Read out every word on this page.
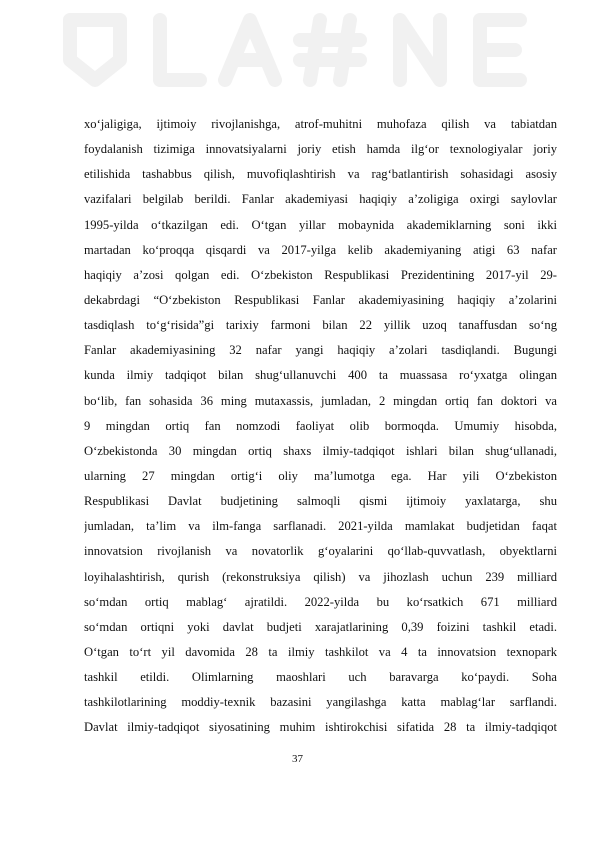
xo‘jaligiga, ijtimoiy rivojlanishga, atrof-muhitni muhofaza qilish va tabiatdan
foydalanish tizimiga innovatsiyalarni joriy etish hamda ilg‘or texnologiyalar joriy
etilishida tashabbus qilish, muvofiqlashtirish va rag‘batlantirish sohasidagi asosiy
vazifalari belgilab berildi. Fanlar akademiyasi haqiqiy a’zoligiga oxirgi saylovlar
1995-yilda o‘tkazilgan edi. O‘tgan yillar mobaynida akademiklarning soni ikki
martadan ko‘proqqa qisqardi va 2017-yilga kelib akademiyaning atigi 63 nafar
haqiqiy a’zosi qolgan edi. O‘zbekiston Respublikasi Prezidentining 2017-yil 29-
dekabrdagi “O‘zbekiston Respublikasi Fanlar akademiyasining haqiqiy a’zolarini
tasdiqlash to‘g‘risida”gi tarixiy farmoni bilan 22 yillik uzoq tanaffusdan so‘ng
Fanlar akademiyasining 32 nafar yangi haqiqiy a’zolari tasdiqlandi. Bugungi
kunda ilmiy tadqiqot bilan shug‘ullanuvchi 400 ta muassasa ro‘yxatga olingan
bo‘lib, fan sohasida 36 ming mutaxassis, jumladan, 2 mingdan ortiq fan doktori va
9 mingdan ortiq fan nomzodi faoliyat olib bormoqda. Umumiy hisobda,
O‘zbekistonda 30 mingdan ortiq shaxs ilmiy-tadqiqot ishlari bilan shug‘ullanadi,
ularning 27 mingdan ortig‘i oliy ma’lumotga ega. Har yili O‘zbekiston
Respublikasi Davlat budjetining salmoqli qismi ijtimoiy yaxlatarga, shu
jumladan, ta’lim va ilm-fanga sarflanadi. 2021-yilda mamlakat budjetidan faqat
innovatsion rivojlanish va novatorlik g‘oyalarini qo‘llab-quvvatlash, obyektlarni
loyihalashtirish, qurish (rekonstruksiya qilish) va jihozlash uchun 239 milliard
so‘mdan ortiq mablag‘ ajratildi. 2022-yilda bu ko‘rsatkich 671 milliard
so‘mdan ortiqni yoki davlat budjeti xarajatlarining 0,39 foizini tashkil etadi.
O‘tgan to‘rt yil davomida 28 ta ilmiy tashkilot va 4 ta innovatsion texnopark
tashkil etildi. Olimlarning maoshlari uch baravarga ko‘paydi. Soha
tashkilotlarining moddiy-texnik bazasini yangilashga katta mablag‘lar sarflandi.
Davlat ilmiy-tadqiqot siyosatining muhim ishtirokchisi sifatida 28 ta ilmiy-tadqiqot
37
